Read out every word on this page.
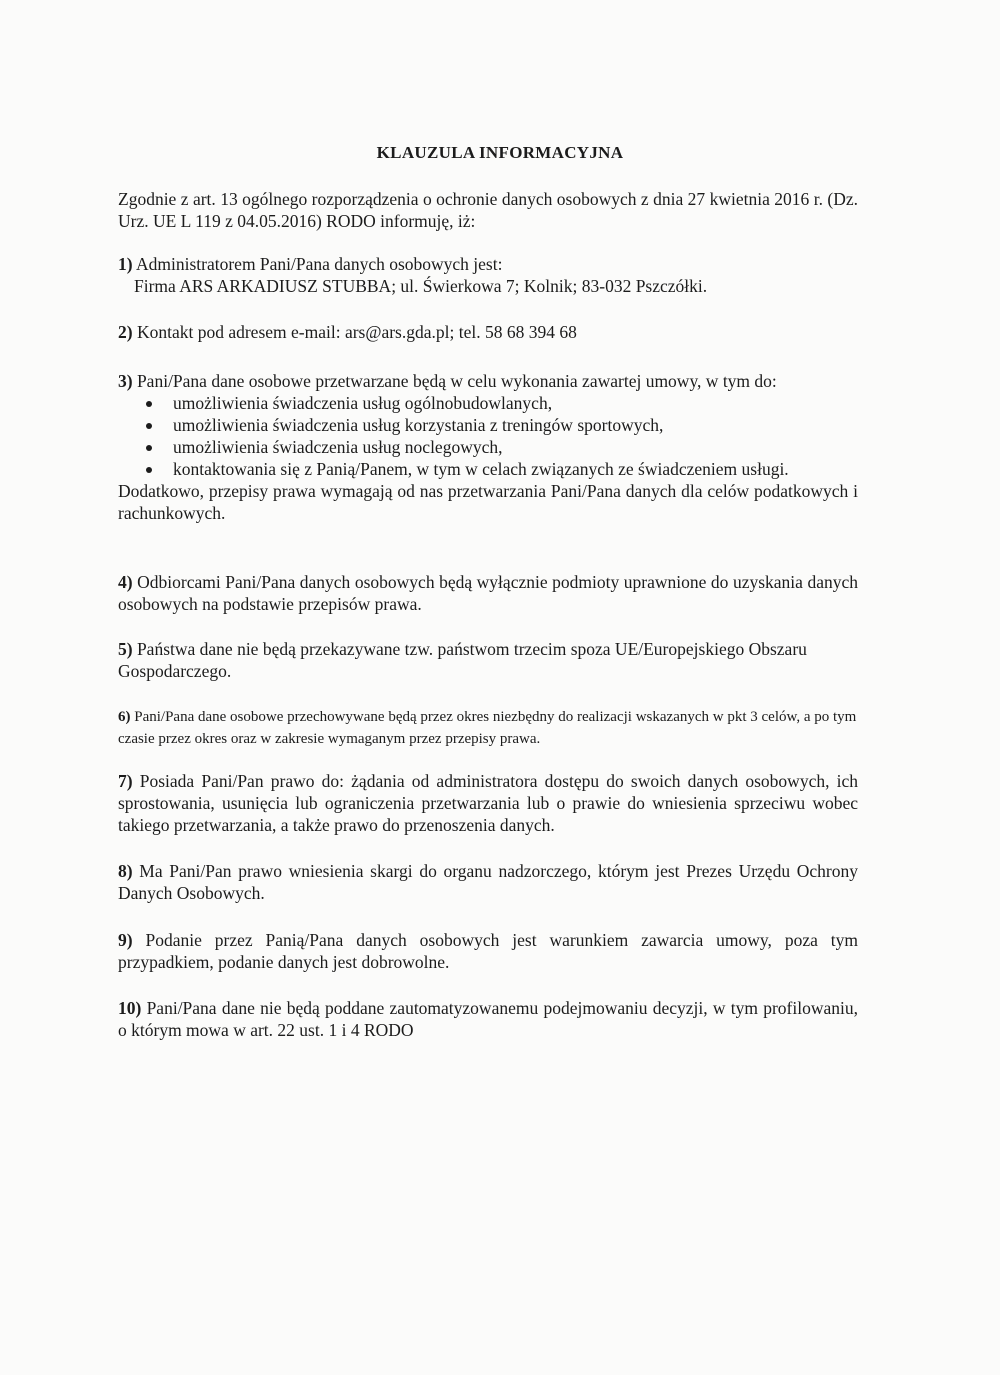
KLAUZULA INFORMACYJNA

Zgodnie z art. 13 ogólnego rozporządzenia o ochronie danych osobowych z dnia 27 kwietnia 2016 r. (Dz. Urz. UE L 119 z 04.05.2016) RODO informuję, iż:

1) Administratorem Pani/Pana danych osobowych jest:

Firma ARS ARKADIUSZ STUBBA; ul. Świerkowa 7; Kolnik; 83-032 Pszczółki.

2) Kontakt pod adresem e-mail: ars@ars.gda.pl; tel. 58 68 394 68

3) Pani/Pana dane osobowe przetwarzane będą w celu wykonania zawartej umowy, w tym do:

umożliwienia świadczenia usług ogólnobudowlanych,
umożliwienia świadczenia usług korzystania z treningów sportowych,
umożliwienia świadczenia usług noclegowych,
kontaktowania się z Panią/Panem, w tym w celach związanych ze świadczeniem usługi.

Dodatkowo, przepisy prawa wymagają od nas przetwarzania Pani/Pana danych dla celów podatkowych i rachunkowych.

4) Odbiorcami Pani/Pana danych osobowych będą wyłącznie podmioty uprawnione do uzyskania danych osobowych na podstawie przepisów prawa.

5) Państwa dane nie będą przekazywane tzw. państwom trzecim spoza UE/Europejskiego Obszaru Gospodarczego.

6) Pani/Pana dane osobowe przechowywane będą przez okres niezbędny do realizacji wskazanych w pkt 3 celów, a po tym czasie przez okres oraz w zakresie wymaganym przez przepisy prawa.

7) Posiada Pani/Pan prawo do: żądania od administratora dostępu do swoich danych osobowych, ich sprostowania, usunięcia lub ograniczenia przetwarzania lub o prawie do wniesienia sprzeciwu wobec takiego przetwarzania, a także prawo do przenoszenia danych.

8) Ma Pani/Pan prawo wniesienia skargi do organu nadzorczego, którym jest Prezes Urzędu Ochrony Danych Osobowych.

9) Podanie przez Panią/Pana danych osobowych jest warunkiem zawarcia umowy, poza tym przypadkiem, podanie danych jest dobrowolne.

10) Pani/Pana dane nie będą poddane zautomatyzowanemu podejmowaniu decyzji, w tym profilowaniu, o którym mowa w art. 22 ust. 1 i 4 RODO
